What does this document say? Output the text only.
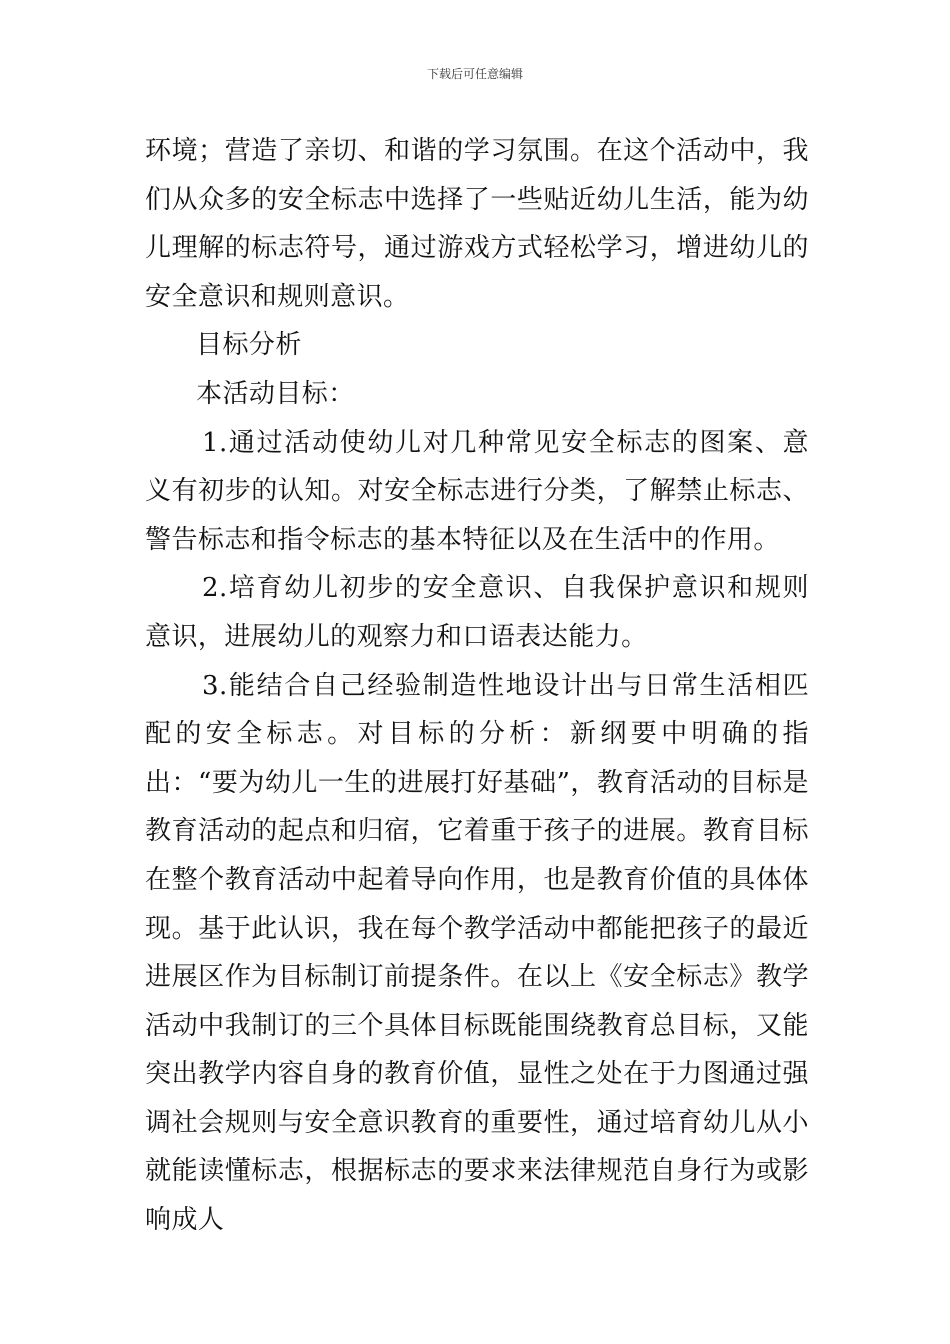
下载后可任意编辑

环境；营造了亲切、和谐的学习氛围。在这个活动中，我们从众多的安全标志中选择了一些贴近幼儿生活，能为幼儿理解的标志符号，通过游戏方式轻松学习，增进幼儿的安全意识和规则意识。

目标分析

本活动目标：

1.通过活动使幼儿对几种常见安全标志的图案、意义有初步的认知。对安全标志进行分类，了解禁止标志、警告标志和指令标志的基本特征以及在生活中的作用。

2.培育幼儿初步的安全意识、自我保护意识和规则意识，进展幼儿的观察力和口语表达能力。

3.能结合自己经验制造性地设计出与日常生活相匹配的安全标志。对目标的分析：新纲要中明确的指出：“要为幼儿一生的进展打好基础”，教育活动的目标是教育活动的起点和归宿，它着重于孩子的进展。教育目标在整个教育活动中起着导向作用，也是教育价值的具体体现。基于此认识，我在每个教学活动中都能把孩子的最近进展区作为目标制订前提条件。在以上《安全标志》教学活动中我制订的三个具体目标既能围绕教育总目标，又能突出教学内容自身的教育价值，显性之处在于力图通过强调社会规则与安全意识教育的重要性，通过培育幼儿从小就能读懂标志，根据标志的要求来法律规范自身行为或影响成人
